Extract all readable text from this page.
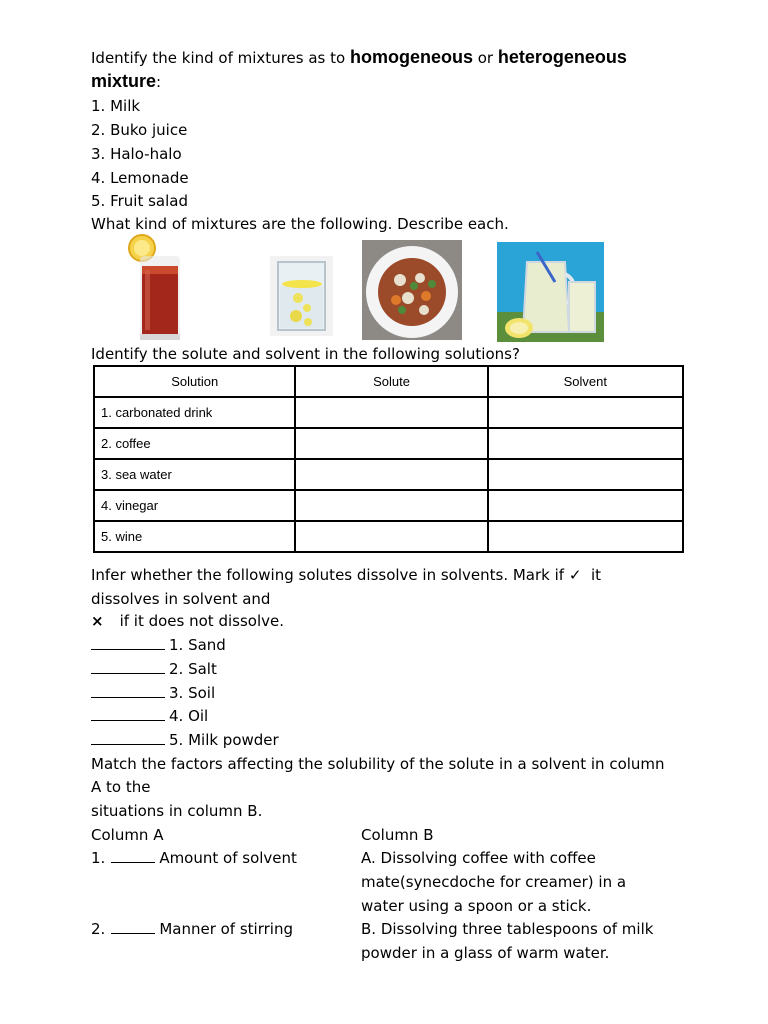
Identify the kind of mixtures as to homogeneous or heterogeneous
mixture:
1. Milk
2. Buko juice
3. Halo-halo
4. Lemonade
5. Fruit salad
What kind of mixtures are the following. Describe each.
Identify the solute and solvent in the following solutions?
Solution	Solute	Solvent
1. carbonated drink		
2. coffee		
3. sea water		
4. vinegar		
5. wine		
Infer whether the following solutes dissolve in solvents. Mark if ✓  it
dissolves in solvent and
× if it does not dissolve.
1. Sand
2. Salt
3. Soil
4. Oil
5. Milk powder
Match the factors affecting the solubility of the solute in a solvent in column
A to the
situations in column B.
Column A	Column B
1.	Amount of solvent	A. Dissolving coffee with coffee
mate(synecdoche for creamer) in a
water using a spoon or a stick.
2.	Manner of stirring	B. Dissolving three tablespoons of milk
powder in a glass of warm water.
